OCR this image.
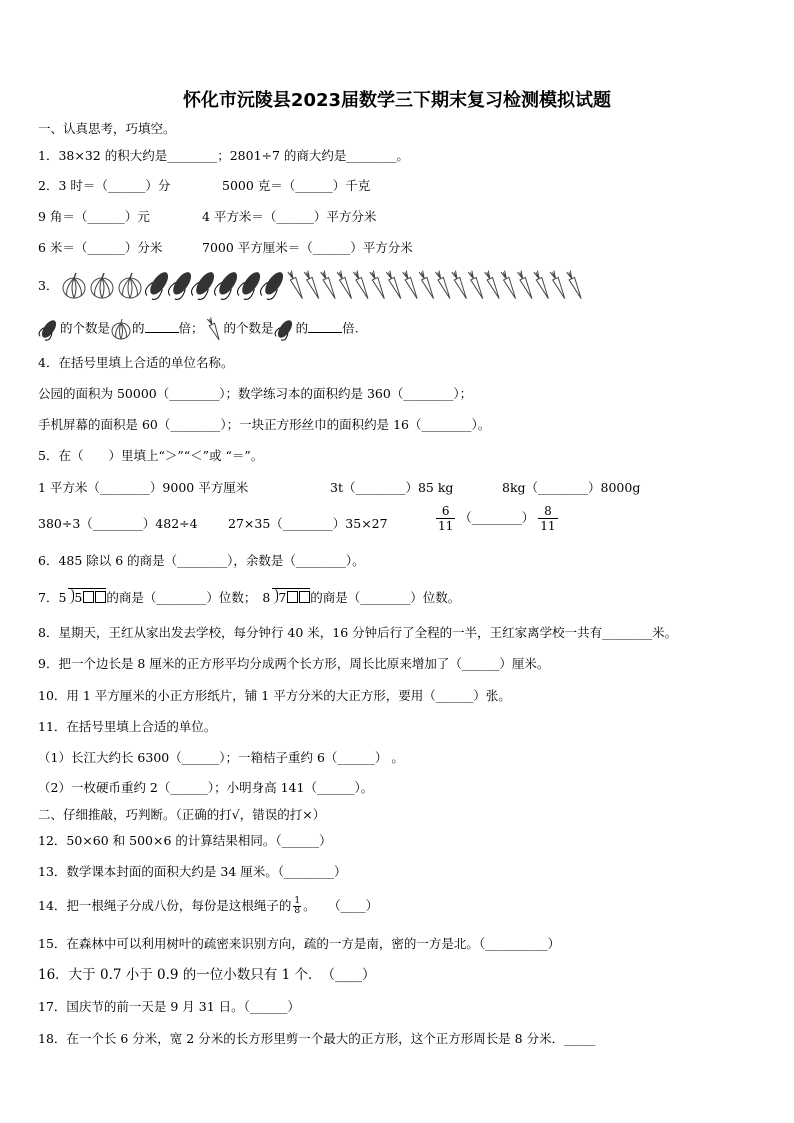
怀化市沅陵县2023届数学三下期末复习检测模拟试题
一、认真思考，巧填空。
1．38×32 的积大约是________；2801÷7 的商大约是________。
2．3 时＝（______）分	5000 克＝（______）千克
9 角＝（______）元	4 平方米＝（______）平方分米
6 米＝（______）分米	7000 平方厘米＝（______）平方分米
3．
的个数是 的	倍； 的个数是 的	倍.
4．在括号里填上合适的单位名称。
公园的面积为 50000（________）；数学练习本的面积约是 360（________）；
手机屏幕的面积是 60（________）；一块正方形丝巾的面积约是 16（________）。
5．在（　　）里填上“＞”“＜”或 “＝”。
1 平方米（________）9000 平方厘米	3t（________）85 kg	8kg（________）8000g
380÷3（________）482÷4 27×35（________）35×27	$\frac{6}{11}$ （________） $\frac{8}{11}$
6．485 除以 6 的商是（________），余数是（________）。
7．5 5 的商是（________）位数； 8 7 的商是（________）位数。
8．星期天，王红从家出发去学校，每分钟行 40 米，16 分钟后行了全程的一半，王红家离学校一共有________米。
9．把一个边长是 8 厘米的正方形平均分成两个长方形，周长比原来增加了（______）厘米。
10．用 1 平方厘米的小正方形纸片，铺 1 平方分米的大正方形，要用（______）张。
11．在括号里填上合适的单位。
（1）长江大约长 6300（______）；一箱桔子重约 6（______） 。
（2）一枚硬币重约 2（______）；小明身高 141（______）。
二、仔细推敲，巧判断。（正确的打√，错误的打×）
12．50×60 和 500×6 的计算结果相同。（______）
13．数学课本封面的面积大约是 34 厘米。（________）
14．把一根绳子分成八份，每份是这根绳子的 $\frac{1}{8}$ 。　　（____）
15．在森林中可以利用树叶的疏密来识别方向，疏的一方是南，密的一方是北。（__________）
16．大于 0.7 小于 0.9 的一位小数只有 1 个．　（____）
17．国庆节的前一天是 9 月 31 日。（______）
18．在一个长 6 分米，宽 2 分米的长方形里剪一个最大的正方形，这个正方形周长是 8 分米．_____
